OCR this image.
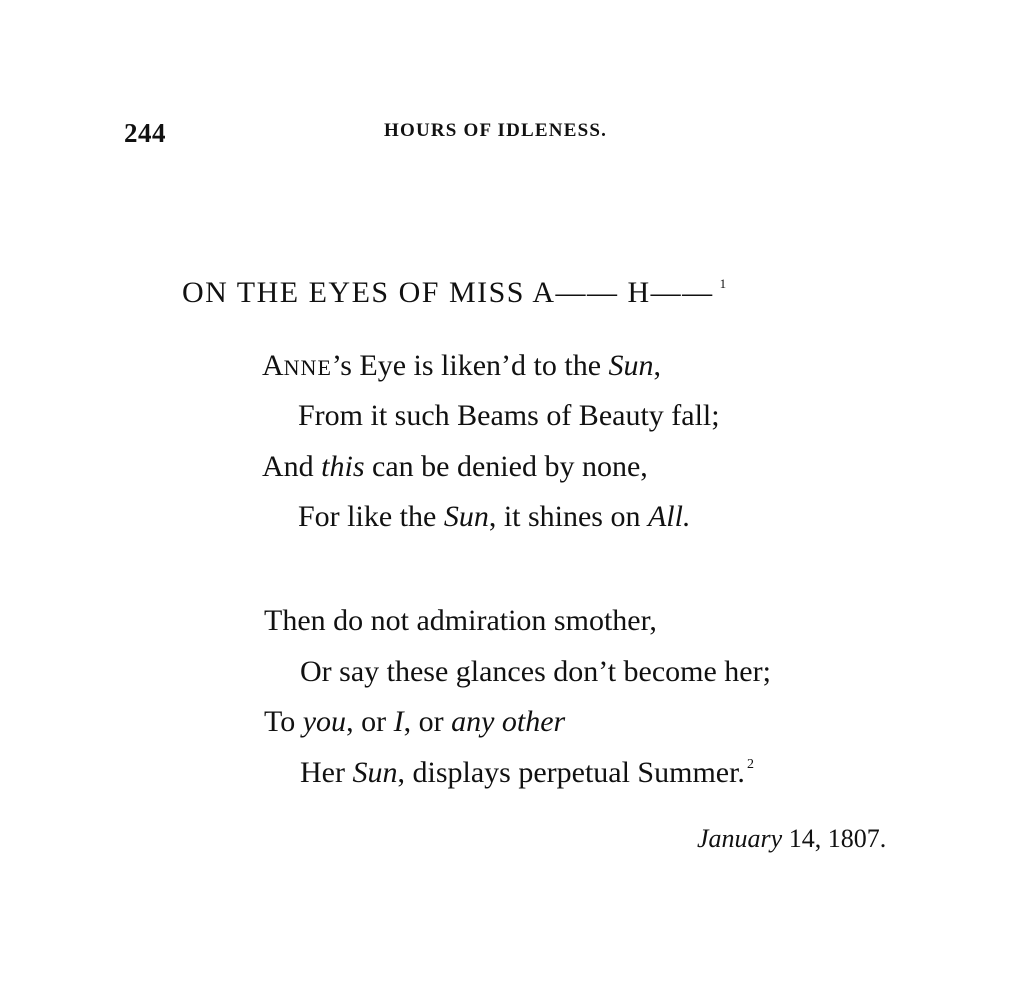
244	HOURS OF IDLENESS.
ON THE EYES OF MISS A—— H—— $^1$
ANNE’s Eye is liken’d to the Sun,
From it such Beams of Beauty fall;
And this can be denied by none,
For like the Sun, it shines on All.
Then do not admiration smother,
Or say these glances don’t become her;
To you, or I, or any other
Her Sun, displays perpetual Summer. $^2$
January 14, 1807.
